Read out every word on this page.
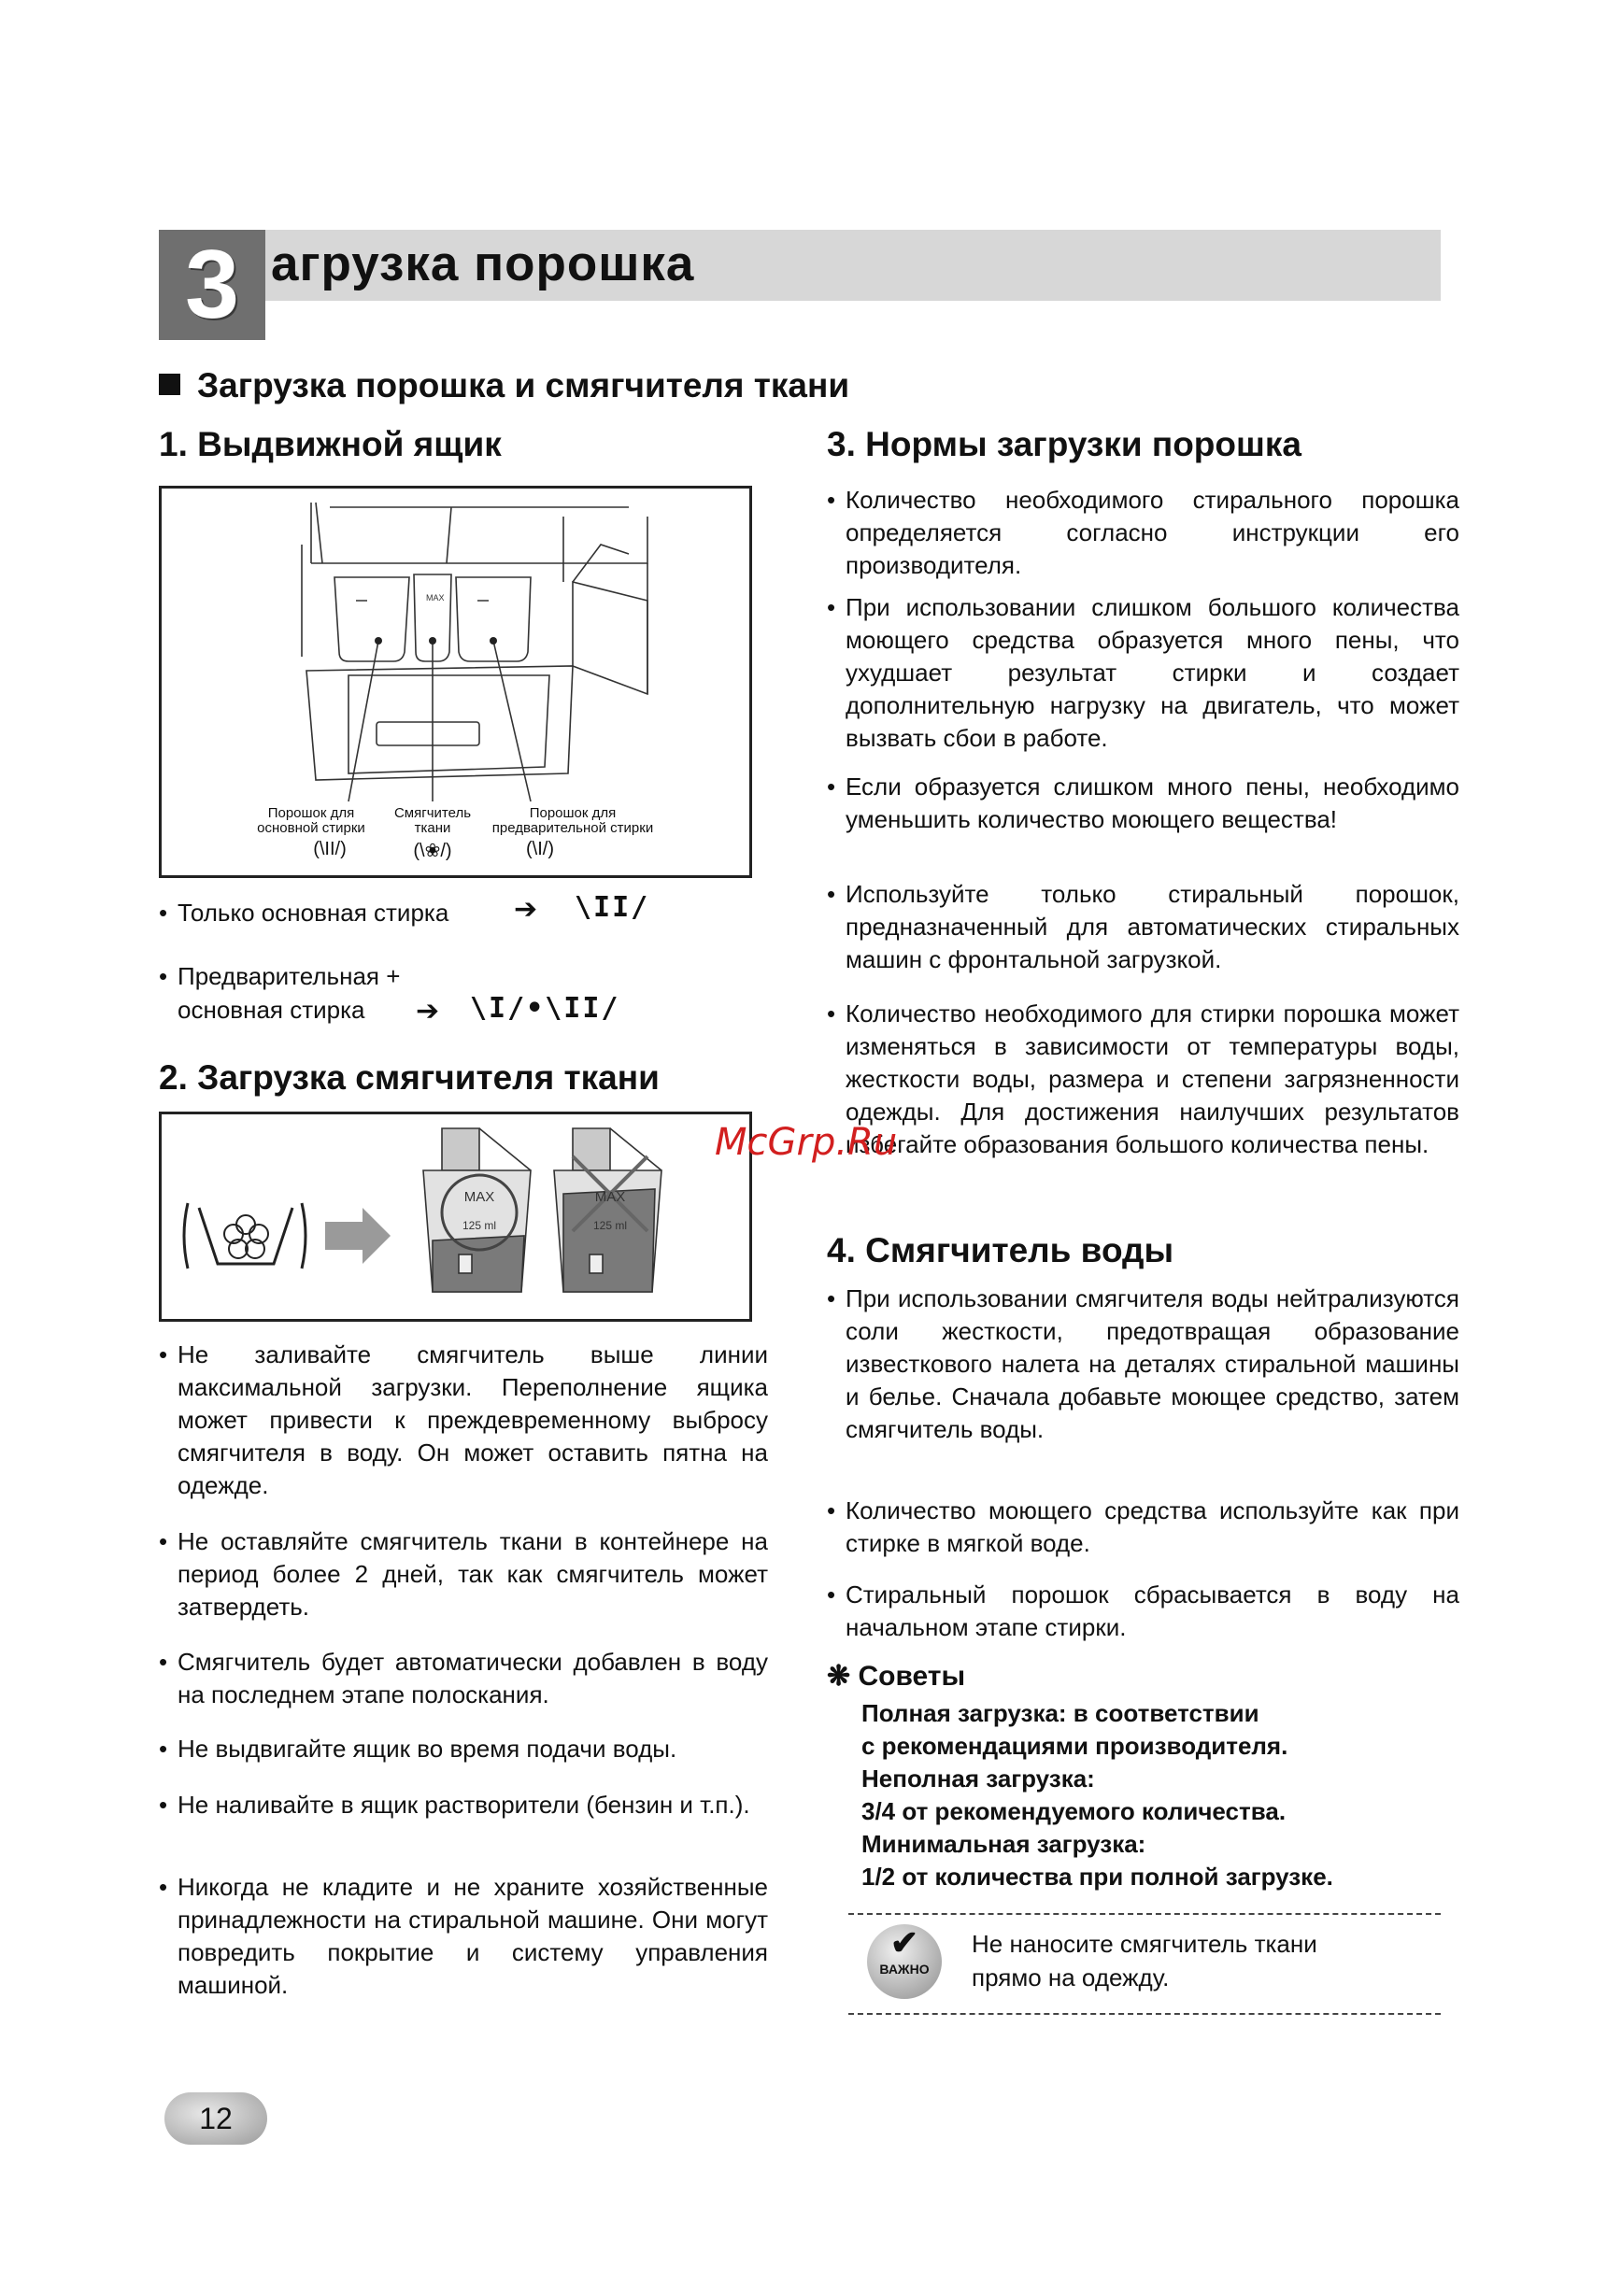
3 агрузка порошка
Загрузка порошка и смягчителя ткани
1. Выдвижной ящик
MAX
Порошок для основной стирки
Смягчитель ткани
Порошок для предварительной стирки
(\II/)	(\❀/)	(\I/)
• Только основная стирка	➔ \II/
• Предварительная +
основная стирка	➔ \I/•\II/
2. Загрузка смягчителя ткани
MAX
125 ml
MAX
125 ml
• Не заливайте смягчитель выше линии максимальной загрузки. Переполнение ящика может привести к преждевременному выбросу смягчителя в воду. Он может оставить пятна на одежде.
• Не оставляйте смягчитель ткани в контейнере на период более 2 дней, так как смягчитель может затвердеть.
• Смягчитель будет автоматически добавлен в воду на последнем этапе полоскания.
• Не выдвигайте ящик во время подачи воды.
• Не наливайте в ящик растворители (бензин и т.п.).
• Никогда не кладите и не храните хозяйственные принадлежности на стиральной машине. Они могут повредить покрытие и систему управления машиной.
3. Нормы загрузки порошка
• Количество необходимого стирального порошка определяется согласно инструкции его производителя.
• При использовании слишком большого количества моющего средства образуется много пены, что ухудшает результат стирки и создает дополнительную нагрузку на двигатель, что может вызвать сбои в работе.
• Если образуется слишком много пены, необходимо уменьшить количество моющего вещества!
• Используйте только стиральный порошок, предназначенный для автоматических стиральных машин с фронтальной загрузкой.
• Количество необходимого для стирки порошка может изменяться в зависимости от температуры воды, жесткости воды, размера и степени загрязненности одежды. Для достижения наилучших результатов избегайте образования большого количества пены.
4. Смягчитель воды
• При использовании смягчителя воды нейтрализуются соли жесткости, предотвращая образование известкового налета на деталях стиральной машины и белье. Сначала добавьте моющее средство, затем смягчитель воды.
• Количество моющего средства используйте как при стирке в мягкой воде.
• Стиральный порошок сбрасывается в воду на начальном этапе стирки.
❋ Советы
Полная загрузка: в соответствии
с рекомендациями производителя.
Неполная загрузка:
3/4 от рекомендуемого количества.
Минимальная загрузка:
1/2 от количества при полной загрузке.
✔
ВАЖНО
Не наносите смягчитель ткани
прямо на одежду.
McGrp.Ru
12
